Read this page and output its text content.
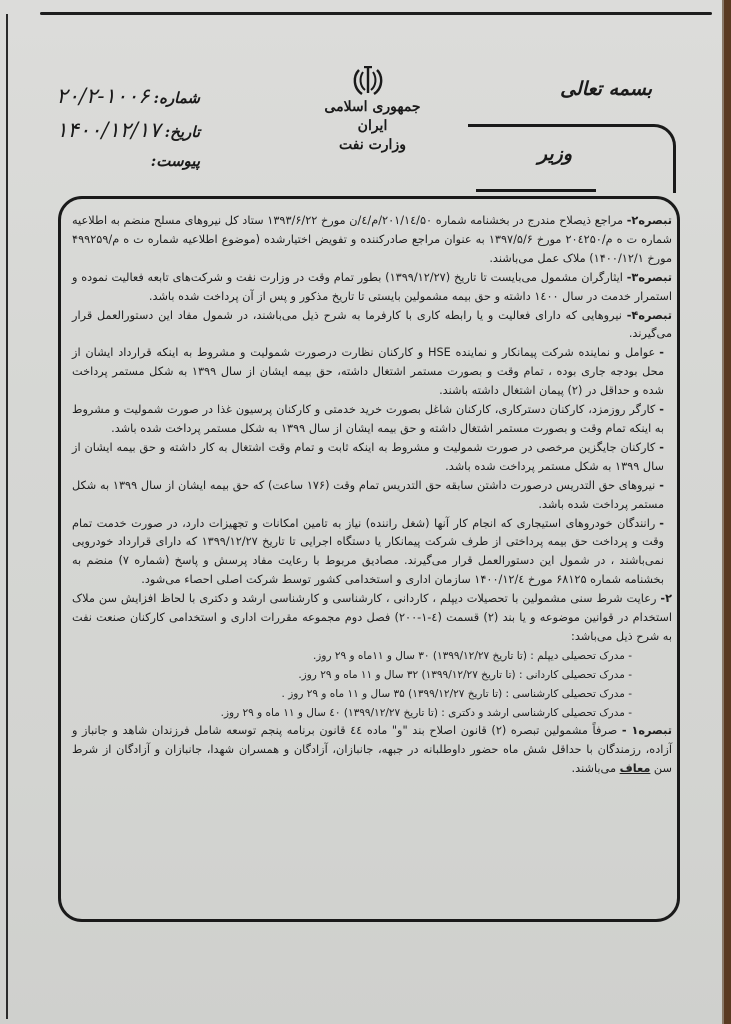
جمهوری اسلامی ایران
وزارت نفت
بسمه تعالی
وزیر
شماره:
۲۰/۲-۱۰۰۶
تاریخ:
۱۴۰۰/۱۲/۱۷
پیوست:

تبصره۲- مراجع ذیصلاح مندرج در بخشنامه شماره ۲۰۱/۱٤/۵۰/م/٤/ن مورخ ۱۳۹۳/۶/۲۲ ستاد کل نیروهای مسلح منضم به اطلاعیه شماره ت ه م/۲۰٤۲۵۰ مورخ ۱۳۹۷/۵/۶ به عنوان مراجع صادرکننده و تفویض اختیارشده (موضوع اطلاعیه شماره ت ه م/۴۹۹۲۵۹ مورخ ۱۴۰۰/۱۲/۱) ملاک عمل می‌باشند.

تبصره۳- ایثارگران مشمول می‌بایست تا تاریخ (۱۳۹۹/۱۲/۲۷) بطور تمام وقت در وزارت نفت و شرکت‌های تابعه فعالیت نموده و استمرار خدمت در سال ۱٤۰۰ داشته و حق بیمه مشمولین بایستی تا تاریخ مذکور و پس از آن پرداخت شده باشد.

تبصره۴- نیروهایی که دارای فعالیت و یا رابطه کاری با کارفرما به شرح ذیل می‌باشند، در شمول مفاد این دستورالعمل قرار می‌گیرند.

-عوامل و نماینده شرکت پیمانکار و نماینده HSE و کارکنان نظارت درصورت شمولیت و مشروط به اینکه قرارداد ایشان از محل بودجه جاری بوده ، تمام وقت و بصورت مستمر اشتغال داشته، حق بیمه ایشان از سال ۱۳۹۹ به شکل مستمر پرداخت شده و حداقل در (۲) پیمان اشتغال داشته باشند.

-کارگر روزمزد، کارکنان دسترکاری، کارکنان شاغل بصورت خرید خدمتی و کارکنان پرسیون غذا در صورت شمولیت و مشروط به اینکه تمام وقت و بصورت مستمر اشتغال داشته و حق بیمه ایشان از سال ۱۳۹۹ به شکل مستمر پرداخت شده باشد.

-کارکنان جایگزین مرخصی در صورت شمولیت و مشروط به اینکه ثابت و تمام وقت اشتغال به کار داشته و حق بیمه ایشان از سال ۱۳۹۹ به شکل مستمر پرداخت شده باشد.

-نیروهای حق التدریس درصورت داشتن سابقه حق التدریس تمام وقت (۱۷۶ ساعت) که حق بیمه ایشان از سال ۱۳۹۹ به شکل مستمر پرداخت شده باشد.

-رانندگان خودروهای استیجاری که انجام کار آنها (شغل راننده) نیاز به تامین امکانات و تجهیزات دارد، در صورت خدمت تمام وقت و پرداخت حق بیمه پرداختی از طرف شرکت پیمانکار یا دستگاه اجرایی تا تاریخ ۱۳۹۹/۱۲/۲۷ که دارای قرارداد خودرویی نمی‌باشند ، در شمول این دستورالعمل قرار می‌گیرند. مصادیق مربوط با رعایت مفاد پرسش و پاسخ (شماره ۷) منضم به بخشنامه شماره ۶۸۱۲۵ مورخ ۱۴۰۰/۱۲/٤ سازمان اداری و استخدامی کشور توسط شرکت اصلی احصاء می‌شود.

۲- رعایت شرط سنی مشمولین با تحصیلات دیپلم ، کاردانی ، کارشناسی و کارشناسی ارشد و دکتری با لحاظ افزایش سن ملاک استخدام در قوانین موضوعه و یا بند (۲) قسمت (٤-۱-۲۰۰) فصل دوم مجموعه مقررات اداری و استخدامی کارکنان صنعت نفت به شرح ذیل می‌باشد:

- مدرک تحصیلی دیپلم : (تا تاریخ ۱۳۹۹/۱۲/۲۷) ۳۰ سال و ۱۱ماه و ۲۹ روز.
- مدرک تحصیلی کاردانی : (تا تاریخ ۱۳۹۹/۱۲/۲۷) ۳۲ سال و ۱۱ ماه و ۲۹ روز.
- مدرک تحصیلی کارشناسی : (تا تاریخ ۱۳۹۹/۱۲/۲۷) ۳۵ سال و ۱۱ ماه و ۲۹ روز .
- مدرک تحصیلی کارشناسی ارشد و دکتری : (تا تاریخ ۱۳۹۹/۱۲/۲۷) ٤۰ سال و ۱۱ ماه و ۲۹ روز.

تبصره۱ - صرفاً مشمولین تبصره (۲) قانون اصلاح بند "و" ماده ٤٤ قانون برنامه پنجم توسعه شامل فرزندان شاهد و جانباز و آزاده، رزمندگان با حداقل شش ماه حضور داوطلبانه در جبهه، جانبازان، آزادگان و همسران شهدا، جانبازان و آزادگان از شرط سن معاف می‌باشند.
